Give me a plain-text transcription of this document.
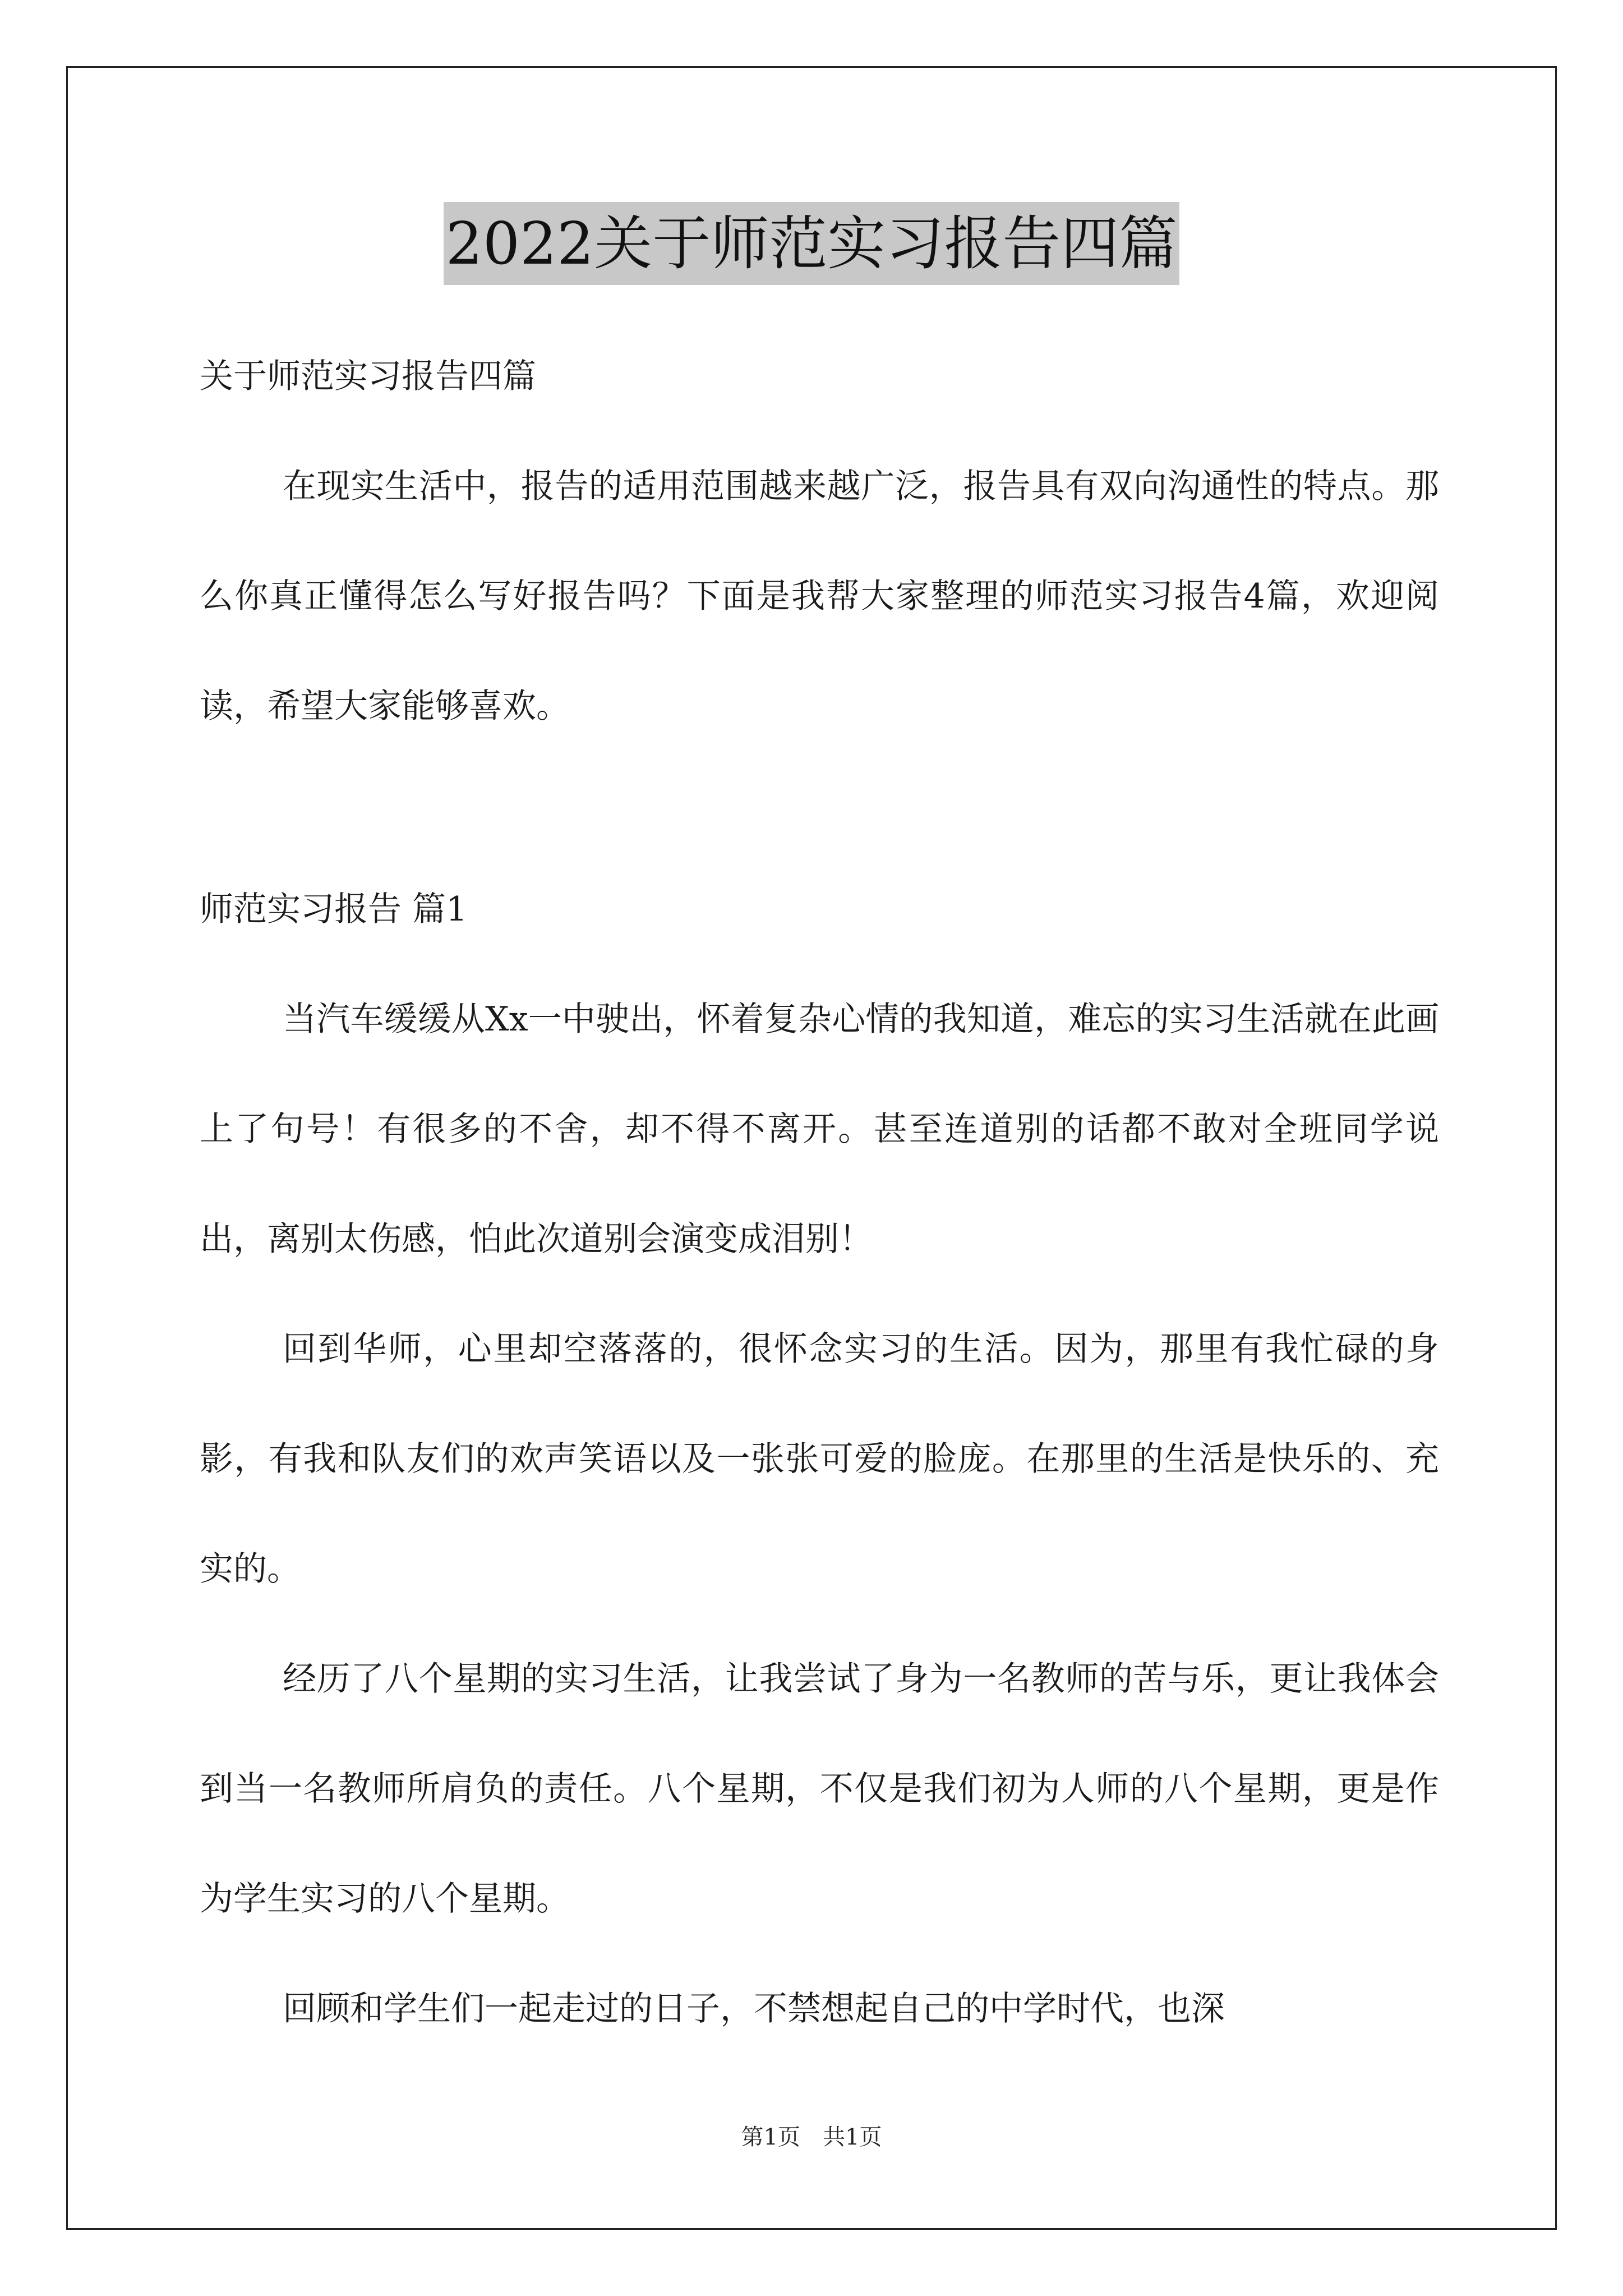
2022关于师范实习报告四篇
关于师范实习报告四篇

在现实生活中，报告的适用范围越来越广泛，报告具有双向沟通性的特点。那么你真正懂得怎么写好报告吗？下面是我帮大家整理的师范实习报告4篇，欢迎阅读，希望大家能够喜欢。

师范实习报告 篇1

当汽车缓缓从Xx一中驶出，怀着复杂心情的我知道，难忘的实习生活就在此画上了句号！有很多的不舍，却不得不离开。甚至连道别的话都不敢对全班同学说出，离别太伤感，怕此次道别会演变成泪别！

回到华师，心里却空落落的，很怀念实习的生活。因为，那里有我忙碌的身影，有我和队友们的欢声笑语以及一张张可爱的脸庞。在那里的生活是快乐的、充实的。

经历了八个星期的实习生活，让我尝试了身为一名教师的苦与乐，更让我体会到当一名教师所肩负的责任。八个星期，不仅是我们初为人师的八个星期，更是作为学生实习的八个星期。

回顾和学生们一起走过的日子，不禁想起自己的中学时代，也深

第1页　共1页
